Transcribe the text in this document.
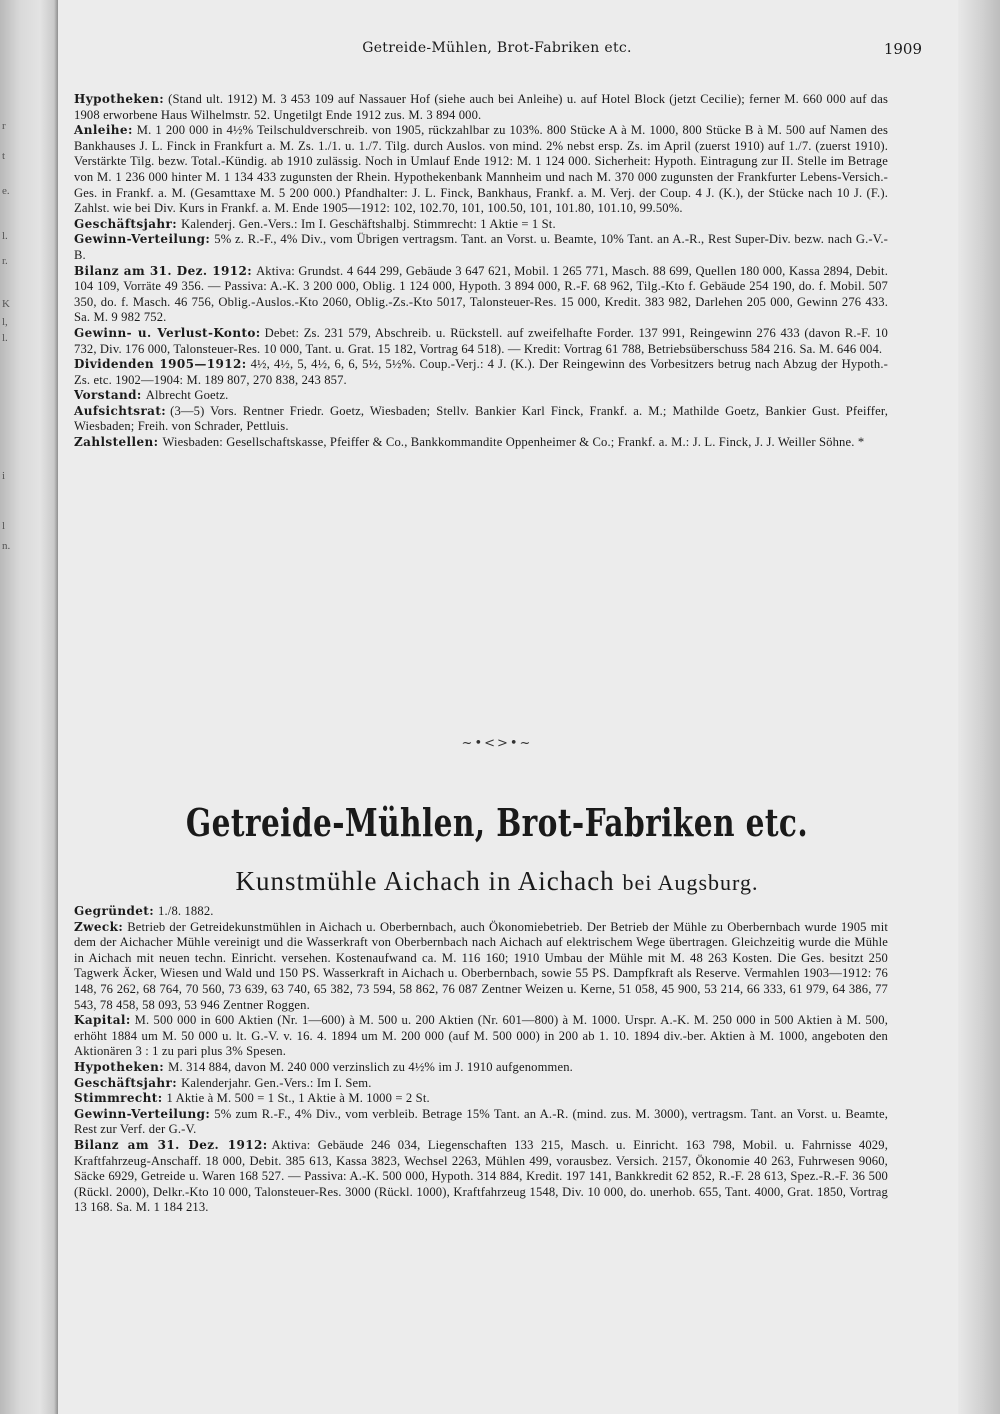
r
t
e.
l.
r.
K
l,
l.
i
l
n.
Getreide-Mühlen, Brot-Fabriken etc.	1909

Hypotheken: (Stand ult. 1912) M. 3 453 109 auf Nassauer Hof (siehe auch bei Anleihe) u. auf Hotel Block (jetzt Cecilie); ferner M. 660 000 auf das 1908 erworbene Haus Wilhelmstr. 52. Ungetilgt Ende 1912 zus. M. 3 894 000.

Anleihe: M. 1 200 000 in 4½% Teilschuldverschreib. von 1905, rückzahlbar zu 103%. 800 Stücke A à M. 1000, 800 Stücke B à M. 500 auf Namen des Bankhauses J. L. Finck in Frankfurt a. M. Zs. 1./1. u. 1./7. Tilg. durch Auslos. von mind. 2% nebst ersp. Zs. im April (zuerst 1910) auf 1./7. (zuerst 1910). Verstärkte Tilg. bezw. Total.-Kündig. ab 1910 zulässig. Noch in Umlauf Ende 1912: M. 1 124 000. Sicherheit: Hypoth. Eintragung zur II. Stelle im Betrage von M. 1 236 000 hinter M. 1 134 433 zugunsten der Rhein. Hypothekenbank Mannheim und nach M. 370 000 zugunsten der Frankfurter Lebens-Versich.-Ges. in Frankf. a. M. (Gesamttaxe M. 5 200 000.) Pfandhalter: J. L. Finck, Bankhaus, Frankf. a. M. Verj. der Coup. 4 J. (K.), der Stücke nach 10 J. (F.). Zahlst. wie bei Div. Kurs in Frankf. a. M. Ende 1905—1912: 102, 102.70, 101, 100.50, 101, 101.80, 101.10, 99.50%.

Geschäftsjahr: Kalenderj. Gen.-Vers.: Im I. Geschäftshalbj. Stimmrecht: 1 Aktie = 1 St.

Gewinn-Verteilung: 5% z. R.-F., 4% Div., vom Übrigen vertragsm. Tant. an Vorst. u. Beamte, 10% Tant. an A.-R., Rest Super-Div. bezw. nach G.-V.-B.

Bilanz am 31. Dez. 1912: Aktiva: Grundst. 4 644 299, Gebäude 3 647 621, Mobil. 1 265 771, Masch. 88 699, Quellen 180 000, Kassa 2894, Debit. 104 109, Vorräte 49 356. — Passiva: A.-K. 3 200 000, Oblig. 1 124 000, Hypoth. 3 894 000, R.-F. 68 962, Tilg.-Kto f. Gebäude 254 190, do. f. Mobil. 507 350, do. f. Masch. 46 756, Oblig.-Auslos.-Kto 2060, Oblig.-Zs.-Kto 5017, Talonsteuer-Res. 15 000, Kredit. 383 982, Darlehen 205 000, Gewinn 276 433. Sa. M. 9 982 752.

Gewinn- u. Verlust-Konto: Debet: Zs. 231 579, Abschreib. u. Rückstell. auf zweifelhafte Forder. 137 991, Reingewinn 276 433 (davon R.-F. 10 732, Div. 176 000, Talonsteuer-Res. 10 000, Tant. u. Grat. 15 182, Vortrag 64 518). — Kredit: Vortrag 61 788, Betriebsüberschuss 584 216. Sa. M. 646 004.

Dividenden 1905—1912: 4½, 4½, 5, 4½, 6, 6, 5½, 5½%. Coup.-Verj.: 4 J. (K.). Der Reingewinn des Vorbesitzers betrug nach Abzug der Hypoth.-Zs. etc. 1902—1904: M. 189 807, 270 838, 243 857.

Vorstand: Albrecht Goetz.

Aufsichtsrat: (3—5) Vors. Rentner Friedr. Goetz, Wiesbaden; Stellv. Bankier Karl Finck, Frankf. a. M.; Mathilde Goetz, Bankier Gust. Pfeiffer, Wiesbaden; Freih. von Schrader, Pettluis.

Zahlstellen: Wiesbaden: Gesellschaftskasse, Pfeiffer & Co., Bankkommandite Oppenheimer & Co.; Frankf. a. M.: J. L. Finck, J. J. Weiller Söhne. *

~•<>•~
Getreide-Mühlen, Brot-Fabriken etc.
Kunstmühle Aichach in Aichach bei Augsburg.

Gegründet: 1./8. 1882.

Zweck: Betrieb der Getreidekunstmühlen in Aichach u. Oberbernbach, auch Ökonomiebetrieb. Der Betrieb der Mühle zu Oberbernbach wurde 1905 mit dem der Aichacher Mühle vereinigt und die Wasserkraft von Oberbernbach nach Aichach auf elektrischem Wege übertragen. Gleichzeitig wurde die Mühle in Aichach mit neuen techn. Einricht. versehen. Kostenaufwand ca. M. 116 160; 1910 Umbau der Mühle mit M. 48 263 Kosten. Die Ges. besitzt 250 Tagwerk Äcker, Wiesen und Wald und 150 PS. Wasserkraft in Aichach u. Oberbernbach, sowie 55 PS. Dampfkraft als Reserve. Vermahlen 1903—1912: 76 148, 76 262, 68 764, 70 560, 73 639, 63 740, 65 382, 73 594, 58 862, 76 087 Zentner Weizen u. Kerne, 51 058, 45 900, 53 214, 66 333, 61 979, 64 386, 77 543, 78 458, 58 093, 53 946 Zentner Roggen.

Kapital: M. 500 000 in 600 Aktien (Nr. 1—600) à M. 500 u. 200 Aktien (Nr. 601—800) à M. 1000. Urspr. A.-K. M. 250 000 in 500 Aktien à M. 500, erhöht 1884 um M. 50 000 u. lt. G.-V. v. 16. 4. 1894 um M. 200 000 (auf M. 500 000) in 200 ab 1. 10. 1894 div.-ber. Aktien à M. 1000, angeboten den Aktionären 3 : 1 zu pari plus 3% Spesen.

Hypotheken: M. 314 884, davon M. 240 000 verzinslich zu 4½% im J. 1910 aufgenommen.

Geschäftsjahr: Kalenderjahr. Gen.-Vers.: Im I. Sem.

Stimmrecht: 1 Aktie à M. 500 = 1 St., 1 Aktie à M. 1000 = 2 St.

Gewinn-Verteilung: 5% zum R.-F., 4% Div., vom verbleib. Betrage 15% Tant. an A.-R. (mind. zus. M. 3000), vertragsm. Tant. an Vorst. u. Beamte, Rest zur Verf. der G.-V.

Bilanz am 31. Dez. 1912: Aktiva: Gebäude 246 034, Liegenschaften 133 215, Masch. u. Einricht. 163 798, Mobil. u. Fahrnisse 4029, Kraftfahrzeug-Anschaff. 18 000, Debit. 385 613, Kassa 3823, Wechsel 2263, Mühlen 499, vorausbez. Versich. 2157, Ökonomie 40 263, Fuhrwesen 9060, Säcke 6929, Getreide u. Waren 168 527. — Passiva: A.-K. 500 000, Hypoth. 314 884, Kredit. 197 141, Bankkredit 62 852, R.-F. 28 613, Spez.-R.-F. 36 500 (Rückl. 2000), Delkr.-Kto 10 000, Talonsteuer-Res. 3000 (Rückl. 1000), Kraftfahrzeug 1548, Div. 10 000, do. unerhob. 655, Tant. 4000, Grat. 1850, Vortrag 13 168. Sa. M. 1 184 213.
